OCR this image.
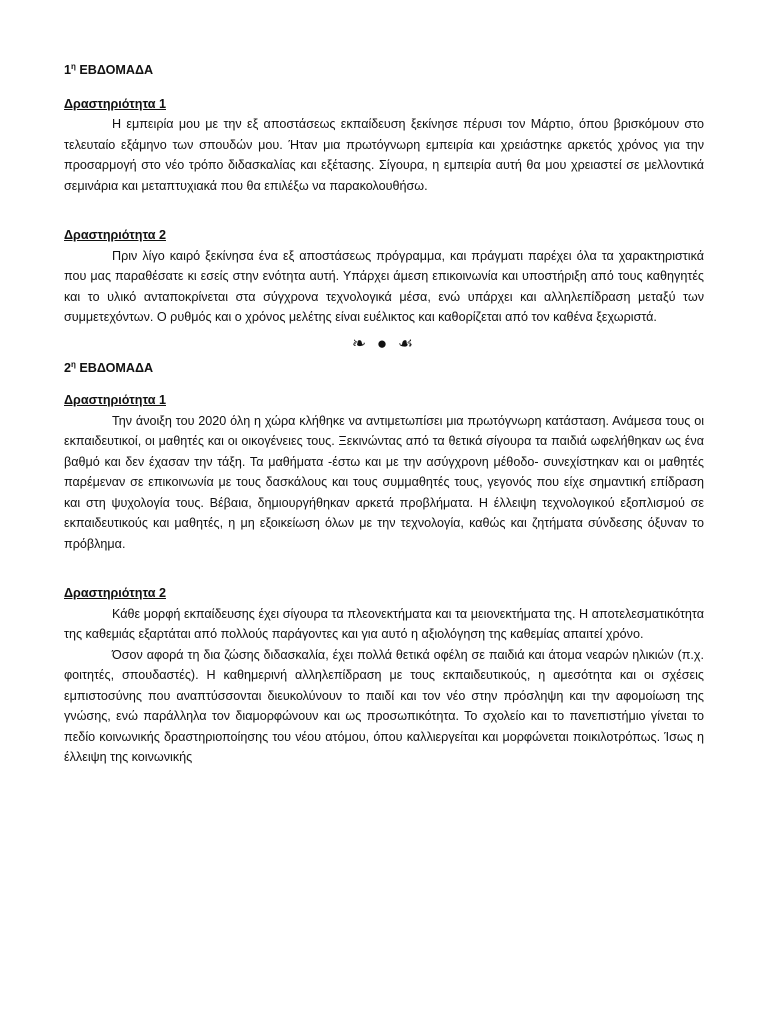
$1^\eta$ ΕΒΔΟΜΑΔΑ

Δραστηριότητα 1

Η εμπειρία μου με την εξ αποστάσεως εκπαίδευση ξεκίνησε πέρυσι τον Μάρτιο, όπου βρισκόμουν στο τελευταίο εξάμηνο των σπουδών μου. Ήταν μια πρωτόγνωρη εμπειρία και χρειάστηκε αρκετός χρόνος για την προσαρμογή στο νέο τρόπο διδασκαλίας και εξέτασης. Σίγουρα, η εμπειρία αυτή θα μου χρειαστεί σε μελλοντικά σεμινάρια και μεταπτυχιακά που θα επιλέξω να παρακολουθήσω.

Δραστηριότητα 2

Πριν λίγο καιρό ξεκίνησα ένα εξ αποστάσεως πρόγραμμα, και πράγματι παρέχει όλα τα χαρακτηριστικά που μας παραθέσατε κι εσείς στην ενότητα αυτή. Υπάρχει άμεση επικοινωνία και υποστήριξη από τους καθηγητές και το υλικό ανταποκρίνεται στα σύγχρονα τεχνολογικά μέσα, ενώ υπάρχει και αλληλεπίδραση μεταξύ των συμμετεχόντων. Ο ρυθμός και ο χρόνος μελέτης είναι ευέλικτος και καθορίζεται από τον καθένα ξεχωριστά.

❧ ● ☙

$2^\eta$ ΕΒΔΟΜΑΔΑ

Δραστηριότητα 1

Την άνοιξη του 2020 όλη η χώρα κλήθηκε να αντιμετωπίσει μια πρωτόγνωρη κατάσταση. Ανάμεσα τους οι εκπαιδευτικοί, οι μαθητές και οι οικογένειες τους. Ξεκινώντας από τα θετικά σίγουρα τα παιδιά ωφελήθηκαν ως ένα βαθμό και δεν έχασαν την τάξη. Τα μαθήματα -έστω και με την ασύγχρονη μέθοδο- συνεχίστηκαν και οι μαθητές παρέμεναν σε επικοινωνία με τους δασκάλους και τους συμμαθητές τους, γεγονός που είχε σημαντική επίδραση και στη ψυχολογία τους. Βέβαια, δημιουργήθηκαν αρκετά προβλήματα. Η έλλειψη τεχνολογικού εξοπλισμού σε εκπαιδευτικούς και μαθητές, η μη εξοικείωση όλων με την τεχνολογία, καθώς και ζητήματα σύνδεσης όξυναν το πρόβλημα.

Δραστηριότητα 2

Κάθε μορφή εκπαίδευσης έχει σίγουρα τα πλεονεκτήματα και τα μειονεκτήματα της. Η αποτελεσματικότητα της καθεμιάς εξαρτάται από πολλούς παράγοντες και για αυτό η αξιολόγηση της καθεμίας απαιτεί χρόνο.

Όσον αφορά τη δια ζώσης διδασκαλία, έχει πολλά θετικά οφέλη σε παιδιά και άτομα νεαρών ηλικιών (π.χ. φοιτητές, σπουδαστές). Η καθημερινή αλληλεπίδραση με τους εκπαιδευτικούς, η αμεσότητα και οι σχέσεις εμπιστοσύνης που αναπτύσσονται διευκολύνουν το παιδί και τον νέο στην πρόσληψη και την αφομοίωση της γνώσης, ενώ παράλληλα τον διαμορφώνουν και ως προσωπικότητα. Το σχολείο και το πανεπιστήμιο γίνεται το πεδίο κοινωνικής δραστηριοποίησης του νέου ατόμου, όπου καλλιεργείται και μορφώνεται ποικιλοτρόπως. Ίσως η έλλειψη της κοινωνικής
